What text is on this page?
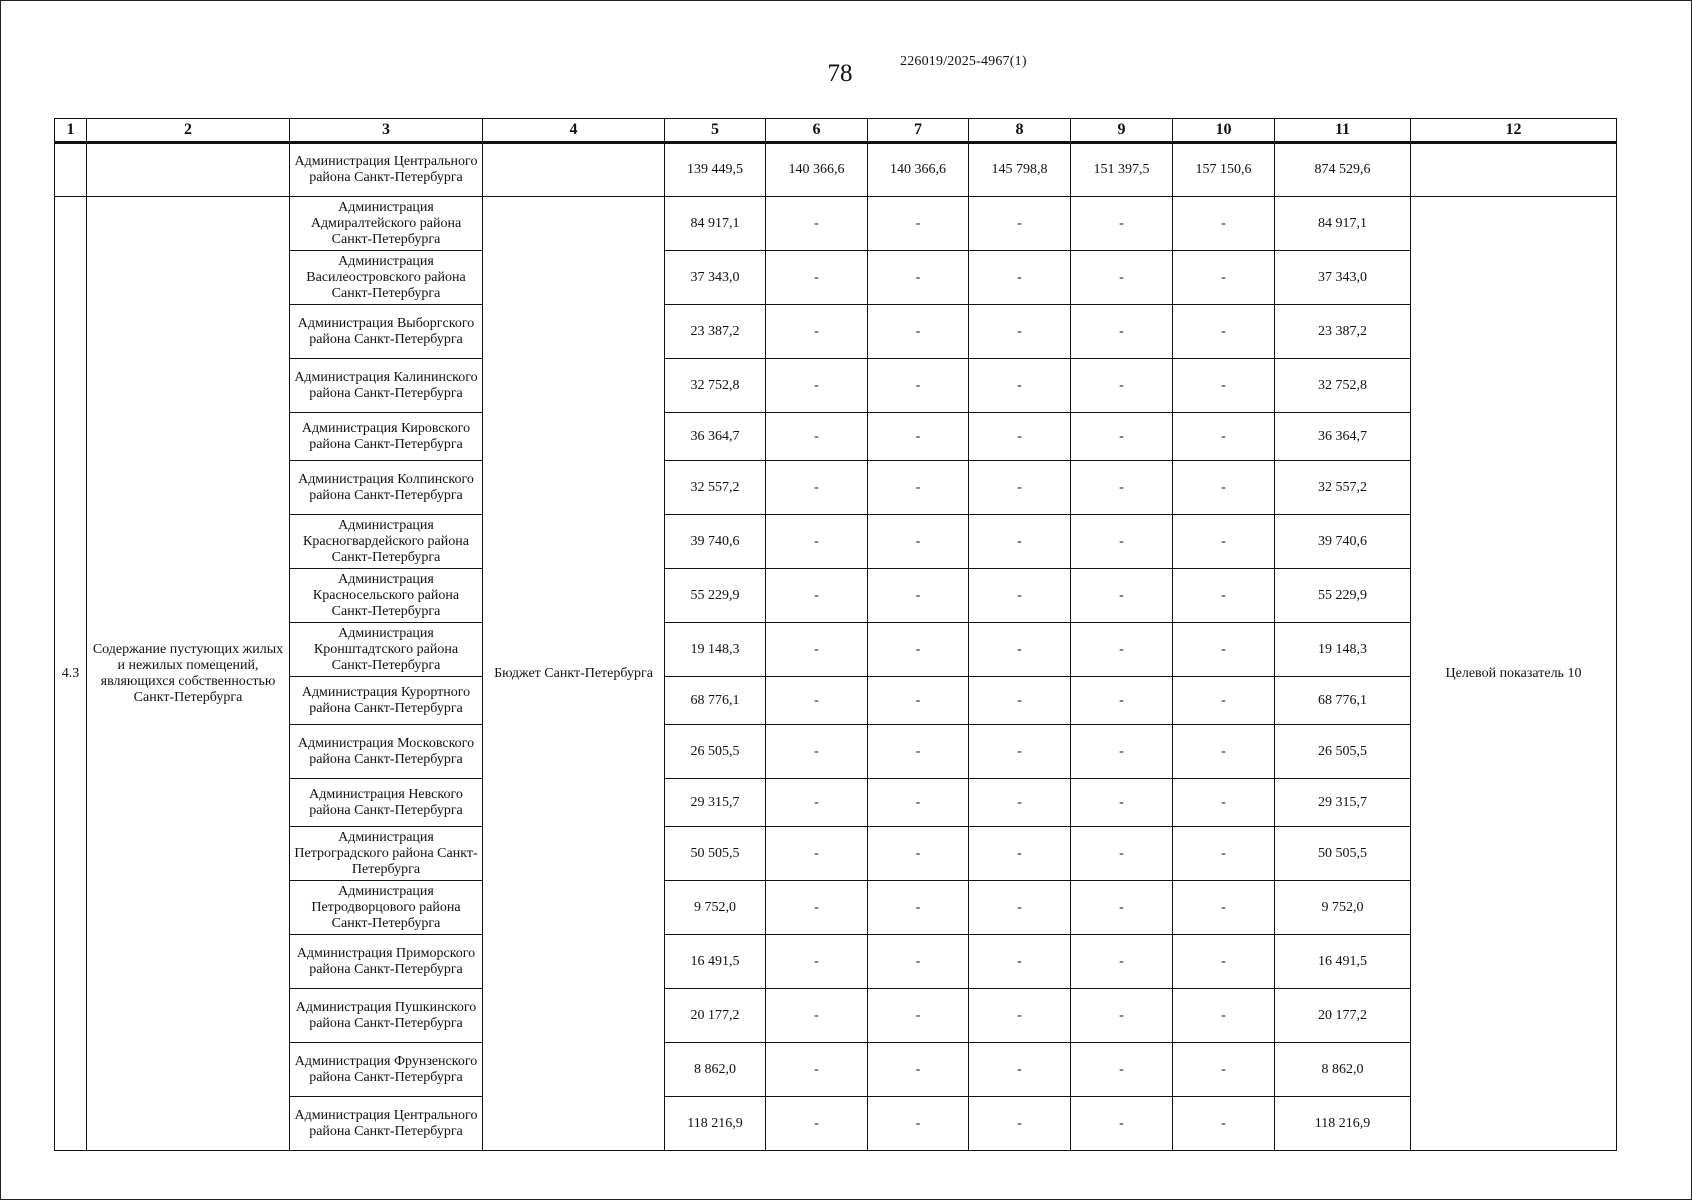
78	226019/2025-4967(1)
1	2	3	4	5	6	7	8	9	10	11	12
		Администрация Центрального района Санкт-Петербурга		139 449,5	140 366,6	140 366,6	145 798,8	151 397,5	157 150,6	874 529,6	
4.3	Содержание пустующих жилых и нежилых помещений, являющихся собственностью Санкт-Петербурга	Администрация Адмиралтейского района Санкт-Петербурга	Бюджет Санкт-Петербурга	84 917,1	-	-	-	-	-	84 917,1	Целевой показатель 10
		Администрация Василеостровского района Санкт-Петербурга		37 343,0	-	-	-	-	-	37 343,0	
		Администрация Выборгского района Санкт-Петербурга		23 387,2	-	-	-	-	-	23 387,2	
		Администрация Калининского района Санкт-Петербурга		32 752,8	-	-	-	-	-	32 752,8	
		Администрация Кировского района Санкт-Петербурга		36 364,7	-	-	-	-	-	36 364,7	
		Администрация Колпинского района Санкт-Петербурга		32 557,2	-	-	-	-	-	32 557,2	
		Администрация Красногвардейского района Санкт-Петербурга		39 740,6	-	-	-	-	-	39 740,6	
		Администрация Красносельского района Санкт-Петербурга		55 229,9	-	-	-	-	-	55 229,9	
		Администрация Кронштадтского района Санкт-Петербурга		19 148,3	-	-	-	-	-	19 148,3	
		Администрация Курортного района Санкт-Петербурга		68 776,1	-	-	-	-	-	68 776,1	
		Администрация Московского района Санкт-Петербурга		26 505,5	-	-	-	-	-	26 505,5	
		Администрация Невского района Санкт-Петербурга		29 315,7	-	-	-	-	-	29 315,7	
		Администрация Петроградского района Санкт-Петербурга		50 505,5	-	-	-	-	-	50 505,5	
		Администрация Петродворцового района Санкт-Петербурга		9 752,0	-	-	-	-	-	9 752,0	
		Администрация Приморского района Санкт-Петербурга		16 491,5	-	-	-	-	-	16 491,5	
		Администрация Пушкинского района Санкт-Петербурга		20 177,2	-	-	-	-	-	20 177,2	
		Администрация Фрунзенского района Санкт-Петербурга		8 862,0	-	-	-	-	-	8 862,0	
		Администрация Центрального района Санкт-Петербурга		118 216,9	-	-	-	-	-	118 216,9	
